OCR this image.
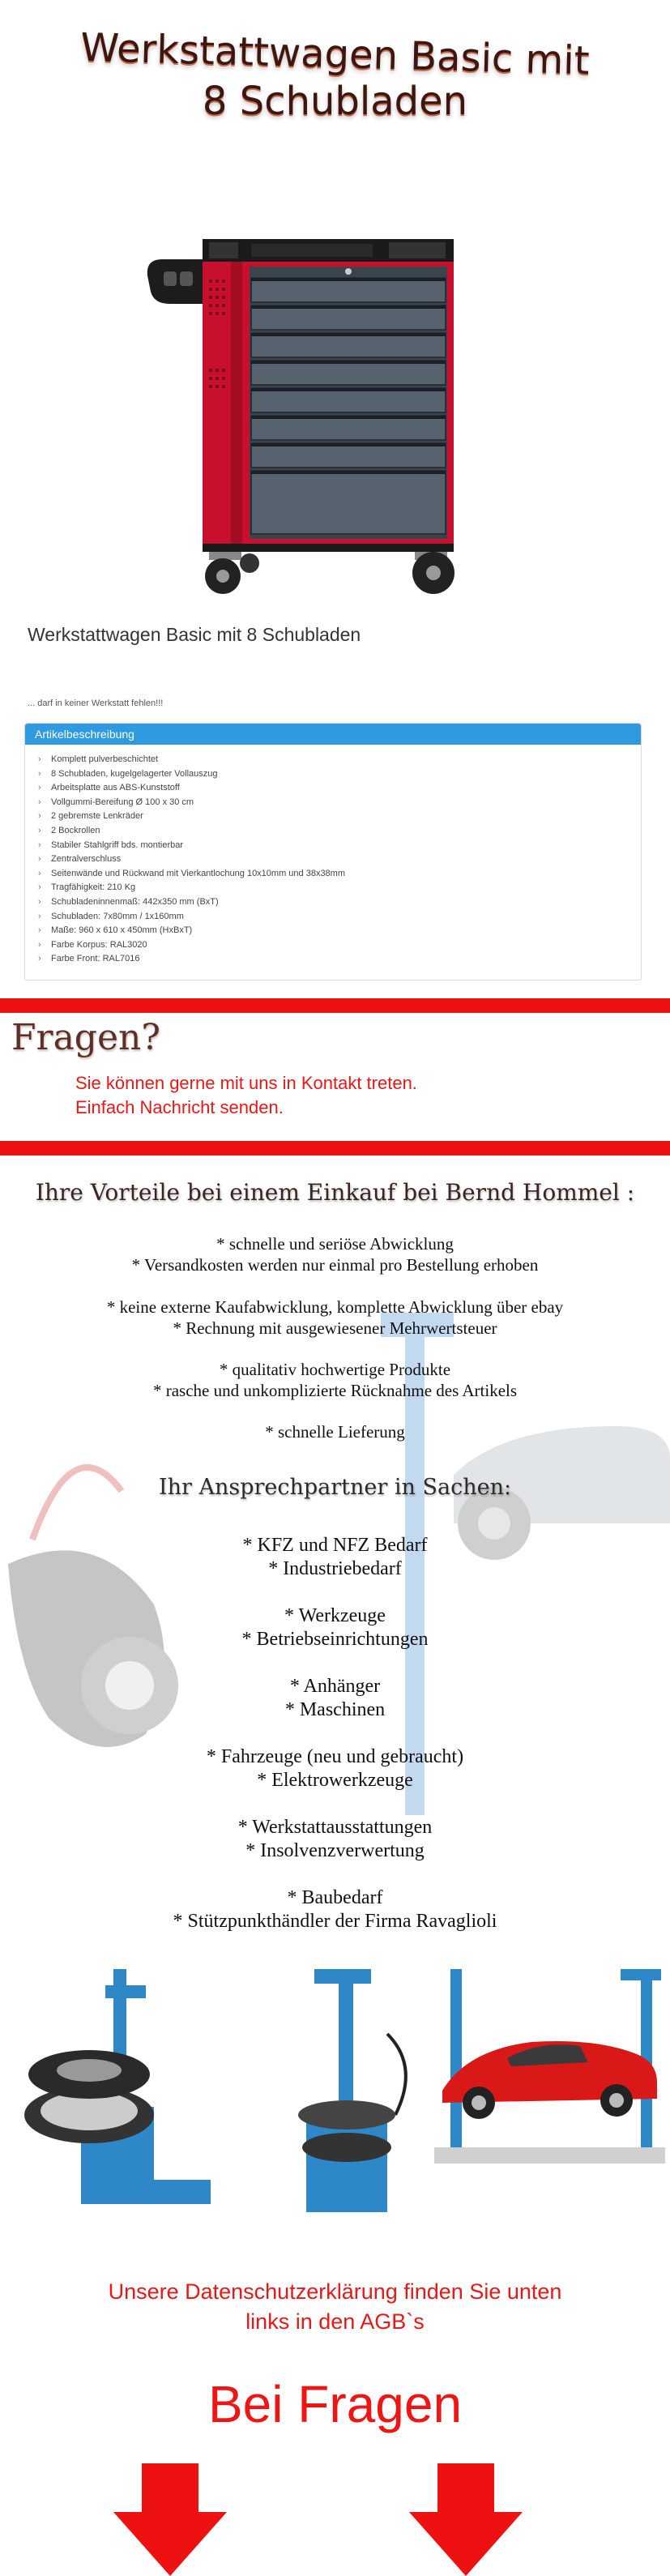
Werkstattwagen Basic mit
8 Schubladen
Werkstattwagen Basic mit 8 Schubladen
... darf in keiner Werkstatt fehlen!!!
Artikelbeschreibung
› Komplett pulverbeschichtet
› 8 Schubladen, kugelgelagerter Vollauszug
› Arbeitsplatte aus ABS-Kunststoff
› Vollgummi-Bereifung Ø 100 x 30 cm
› 2 gebremste Lenkräder
› 2 Bockrollen
› Stabiler Stahlgriff bds. montierbar
› Zentralverschluss
› Seitenwände und Rückwand mit Vierkantlochung 10x10mm und 38x38mm
› Tragfähigkeit: 210 Kg
› Schubladeninnenmaß: 442x350 mm (BxT)
› Schubladen: 7x80mm / 1x160mm
› Maße: 960 x 610 x 450mm (HxBxT)
› Farbe Korpus: RAL3020
› Farbe Front: RAL7016
Fragen?
Sie können gerne mit uns in Kontakt treten.
Einfach Nachricht senden.
Ihre Vorteile bei einem Einkauf bei Bernd Hommel :
* schnelle und seriöse Abwicklung
* Versandkosten werden nur einmal pro Bestellung erhoben
* keine externe Kaufabwicklung, komplette Abwicklung über ebay
* Rechnung mit ausgewiesener Mehrwertsteuer
* qualitativ hochwertige Produkte
* rasche und unkomplizierte Rücknahme des Artikels
* schnelle Lieferung
Ihr Ansprechpartner in Sachen:
* KFZ und NFZ Bedarf
* Industriebedarf
* Werkzeuge
* Betriebseinrichtungen
* Anhänger
* Maschinen
* Fahrzeuge (neu und gebraucht)
* Elektrowerkzeuge
* Werkstattausstattungen
* Insolvenzverwertung
* Baubedarf
* Stützpunkthändler der Firma Ravaglioli
Unsere Datenschutzerklärung finden Sie unten
links in den AGB`s
Bei Fragen
